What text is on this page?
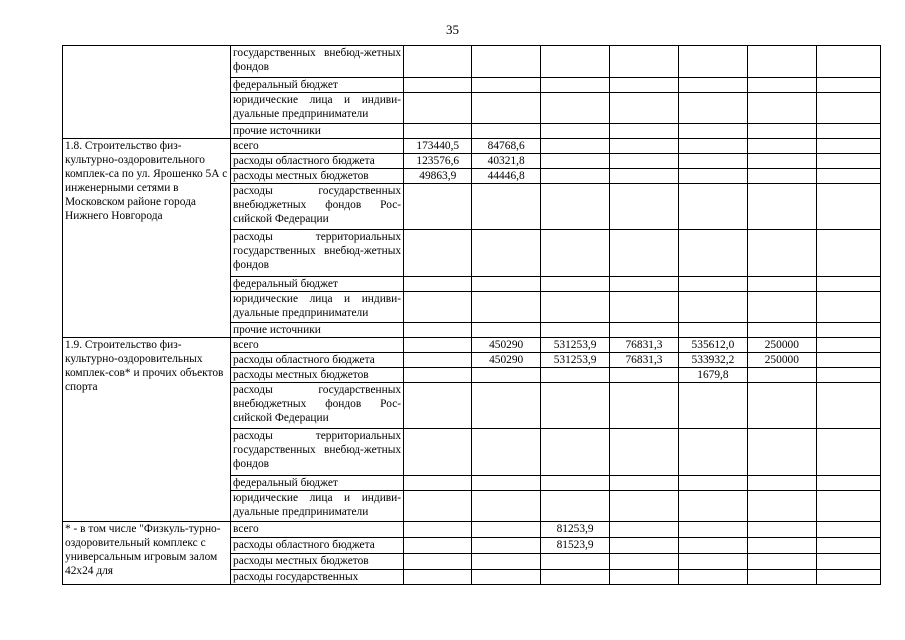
35
	государственных внебюд-жетных фондов							
	федеральный бюджет							
	юридические лица и индиви-дуальные предприниматели							
	прочие источники							
1.8. Строительство физ-культурно-оздоровительного комплек-са по ул. Ярошенко 5А с инженерными сетями в Московском районе города Нижнего Новгорода	всего	173440,5	84768,6					
	расходы областного бюджета	123576,6	40321,8					
	расходы местных бюджетов	49863,9	44446,8					
	расходы государственных внебюджетных фондов Рос-сийской Федерации							
	расходы территориальных государственных внебюд-жетных фондов							
	федеральный бюджет							
	юридические лица и индиви-дуальные предприниматели							
	прочие источники							
1.9. Строительство физ-культурно-оздоровительных комплек-сов* и прочих объектов спорта	всего		450290	531253,9	76831,3	535612,0	250000	
	расходы областного бюджета		450290	531253,9	76831,3	533932,2	250000	
	расходы местных бюджетов					1679,8		
	расходы государственных внебюджетных фондов Рос-сийской Федерации							
	расходы территориальных государственных внебюд-жетных фондов							
	федеральный бюджет							
	юридические лица и индиви-дуальные предприниматели							
* - в том числе "Физкуль-турно-оздоровительный комплекс с универсальным игровым залом 42х24 для	всего			81253,9				
	расходы областного бюджета			81523,9				
	расходы местных бюджетов							
	расходы государственных							
